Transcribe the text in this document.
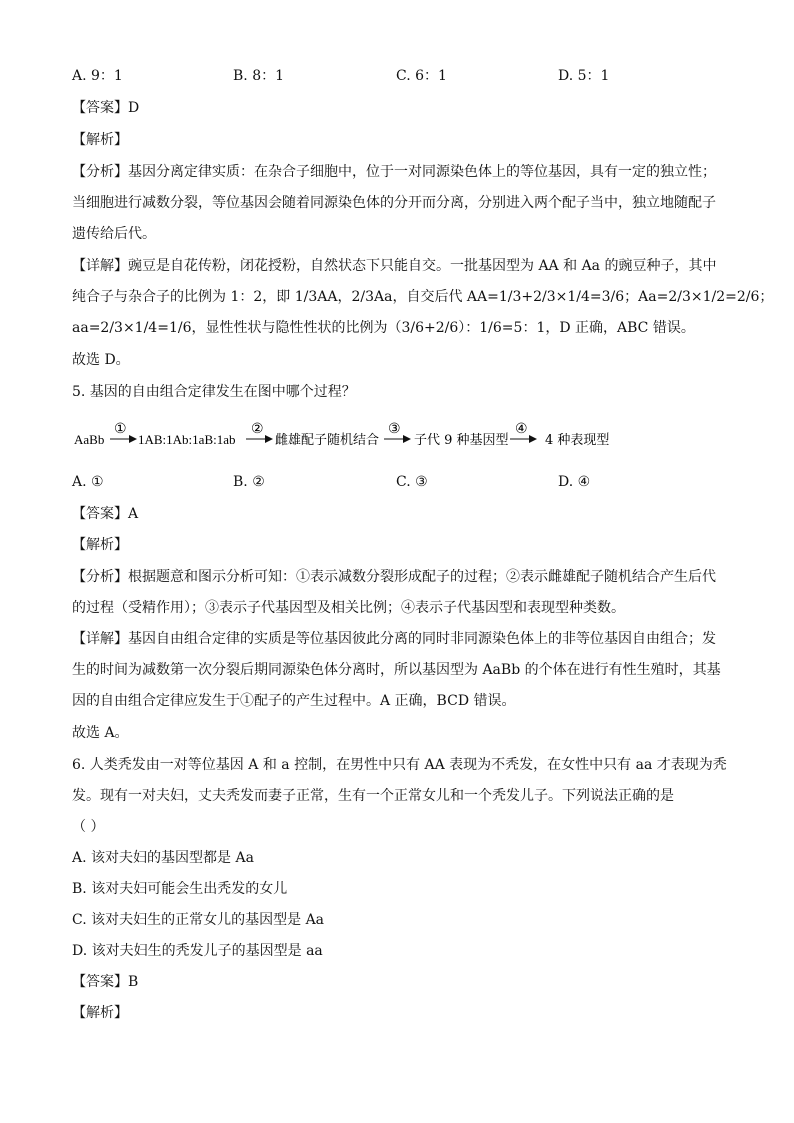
A. 9：1	B. 8：1	C. 6：1	D. 5：1
【答案】D
【解析】
【分析】基因分离定律实质：在杂合子细胞中，位于一对同源染色体上的等位基因，具有一定的独立性；
当细胞进行减数分裂，等位基因会随着同源染色体的分开而分离，分别进入两个配子当中，独立地随配子
遗传给后代。
【详解】豌豆是自花传粉，闭花授粉，自然状态下只能自交。一批基因型为 AA 和 Aa 的豌豆种子，其中
纯合子与杂合子的比例为 1：2，即 1/3AA，2/3Aa，自交后代 AA=1/3+2/3×1/4=3/6；Aa=2/3×1/2=2/6；
aa=2/3×1/4=1/6，显性性状与隐性性状的比例为（3/6+2/6）：1/6=5：1，D 正确，ABC 错误。
故选 D。
5. 基因的自由组合定律发生在图中哪个过程？
AaBb
①
1AB:1Ab:1aB:1ab
②
雌雄配子随机结合
③
子代 9 种基因型
④
4 种表现型
A. ①	B. ②	C. ③	D. ④
【答案】A
【解析】
【分析】根据题意和图示分析可知：①表示减数分裂形成配子的过程；②表示雌雄配子随机结合产生后代
的过程（受精作用）；③表示子代基因型及相关比例；④表示子代基因型和表现型种类数。
【详解】基因自由组合定律的实质是等位基因彼此分离的同时非同源染色体上的非等位基因自由组合；发
生的时间为减数第一次分裂后期同源染色体分离时，所以基因型为 AaBb 的个体在进行有性生殖时，其基
因的自由组合定律应发生于①配子的产生过程中。A 正确，BCD 错误。
故选 A。
6. 人类秃发由一对等位基因 A 和 a 控制，在男性中只有 AA 表现为不秃发，在女性中只有 aa 才表现为秃
发。现有一对夫妇，丈夫秃发而妻子正常，生有一个正常女儿和一个秃发儿子。下列说法正确的是
（ ）
A. 该对夫妇的基因型都是 Aa
B. 该对夫妇可能会生出秃发的女儿
C. 该对夫妇生的正常女儿的基因型是 Aa
D. 该对夫妇生的秃发儿子的基因型是 aa
【答案】B
【解析】
